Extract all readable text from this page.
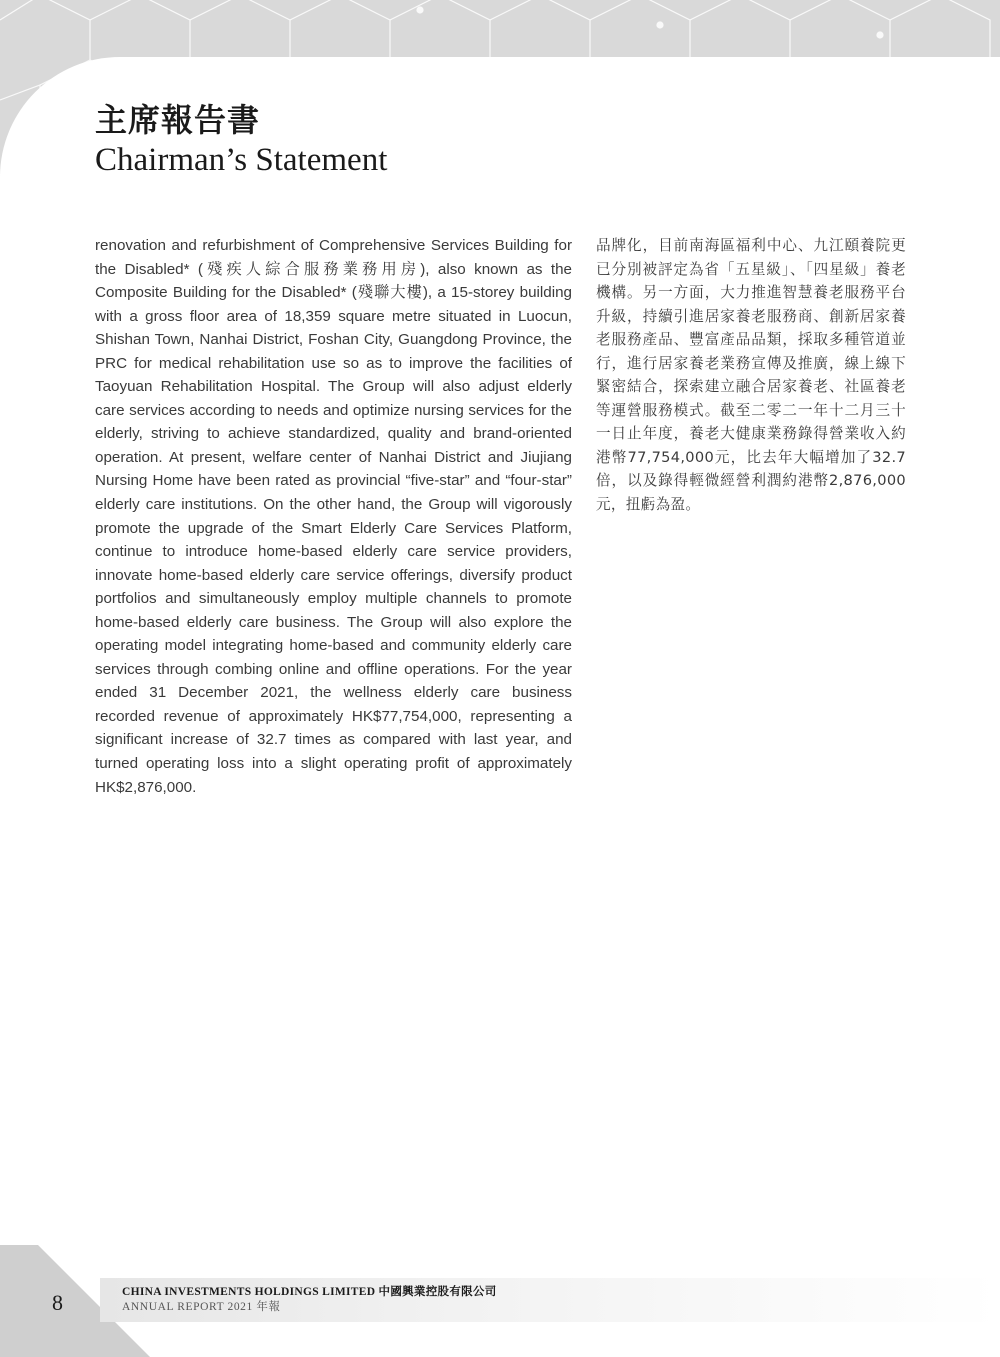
主席報告書
Chairman’s Statement
renovation and refurbishment of Comprehensive Services Building for the Disabled* (殘疾人綜合服務業務用房), also known as the Composite Building for the Disabled* (殘聯大樓), a 15-storey building with a gross floor area of 18,359 square metre situated in Luocun, Shishan Town, Nanhai District, Foshan City, Guangdong Province, the PRC for medical rehabilitation use so as to improve the facilities of Taoyuan Rehabilitation Hospital. The Group will also adjust elderly care services according to needs and optimize nursing services for the elderly, striving to achieve standardized, quality and brand-oriented operation. At present, welfare center of Nanhai District and Jiujiang Nursing Home have been rated as provincial “five-star” and “four-star” elderly care institutions. On the other hand, the Group will vigorously promote the upgrade of the Smart Elderly Care Services Platform, continue to introduce home-based elderly care service providers, innovate home-based elderly care service offerings, diversify product portfolios and simultaneously employ multiple channels to promote home-based elderly care business. The Group will also explore the operating model integrating home-based and community elderly care services through combing online and offline operations. For the year ended 31 December 2021, the wellness elderly care business recorded revenue of approximately HK$77,754,000, representing a significant increase of 32.7 times as compared with last year, and turned operating loss into a slight operating profit of approximately HK$2,876,000.
品牌化，目前南海區福利中心、九江頤養院更已分別被評定為省「五星級」、「四星級」養老機構。另一方面，大力推進智慧養老服務平台升級，持續引進居家養老服務商、創新居家養老服務產品、豐富產品品類，採取多種管道並行，進行居家養老業務宣傳及推廣，線上線下緊密結合，探索建立融合居家養老、社區養老等運營服務模式。截至二零二一年十二月三十一日止年度，養老大健康業務錄得營業收入約港幣77,754,000元，比去年大幅增加了32.7倍，以及錄得輕微經營利潤約港幣2,876,000元，扭虧為盈。
8	CHINA INVESTMENTS HOLDINGS LIMITED 中國興業控股有限公司
ANNUAL REPORT 2021 年報
